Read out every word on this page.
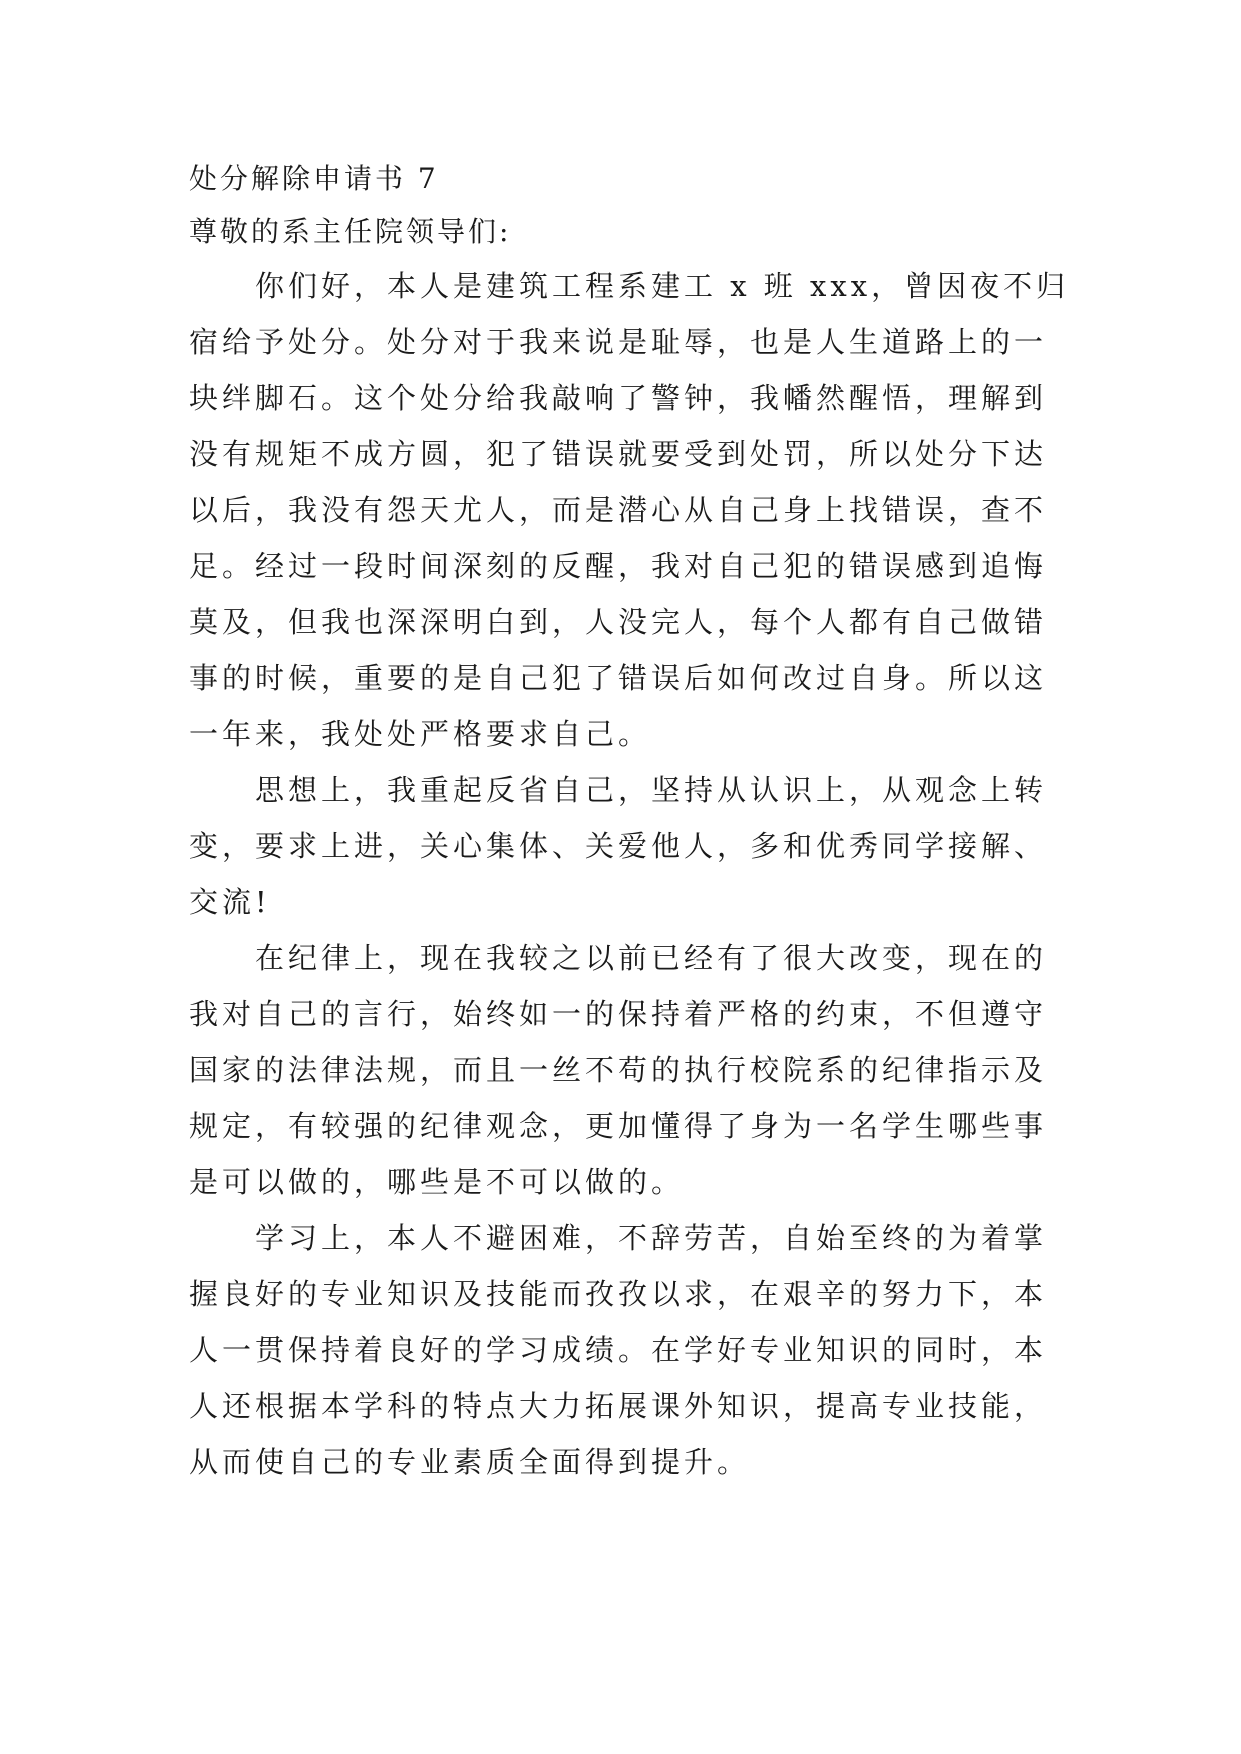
处分解除申请书 7
尊敬的系主任院领导们:
你们好，本人是建筑工程系建工 x 班 xxx，曾因夜不归
宿给予处分。处分对于我来说是耻辱，也是人生道路上的一
块绊脚石。这个处分给我敲响了警钟，我幡然醒悟，理解到
没有规矩不成方圆，犯了错误就要受到处罚，所以处分下达
以后，我没有怨天尤人，而是潜心从自己身上找错误，查不
足。经过一段时间深刻的反醒，我对自己犯的错误感到追悔
莫及，但我也深深明白到，人没完人，每个人都有自己做错
事的时候，重要的是自己犯了错误后如何改过自身。所以这
一年来，我处处严格要求自己。
思想上，我重起反省自己，坚持从认识上，从观念上转
变，要求上进，关心集体、关爱他人，多和优秀同学接解、
交流!
在纪律上，现在我较之以前已经有了很大改变，现在的
我对自己的言行，始终如一的保持着严格的约束，不但遵守
国家的法律法规，而且一丝不苟的执行校院系的纪律指示及
规定，有较强的纪律观念，更加懂得了身为一名学生哪些事
是可以做的，哪些是不可以做的。
学习上，本人不避困难，不辞劳苦，自始至终的为着掌
握良好的专业知识及技能而孜孜以求，在艰辛的努力下，本
人一贯保持着良好的学习成绩。在学好专业知识的同时，本
人还根据本学科的特点大力拓展课外知识，提高专业技能，
从而使自己的专业素质全面得到提升。
